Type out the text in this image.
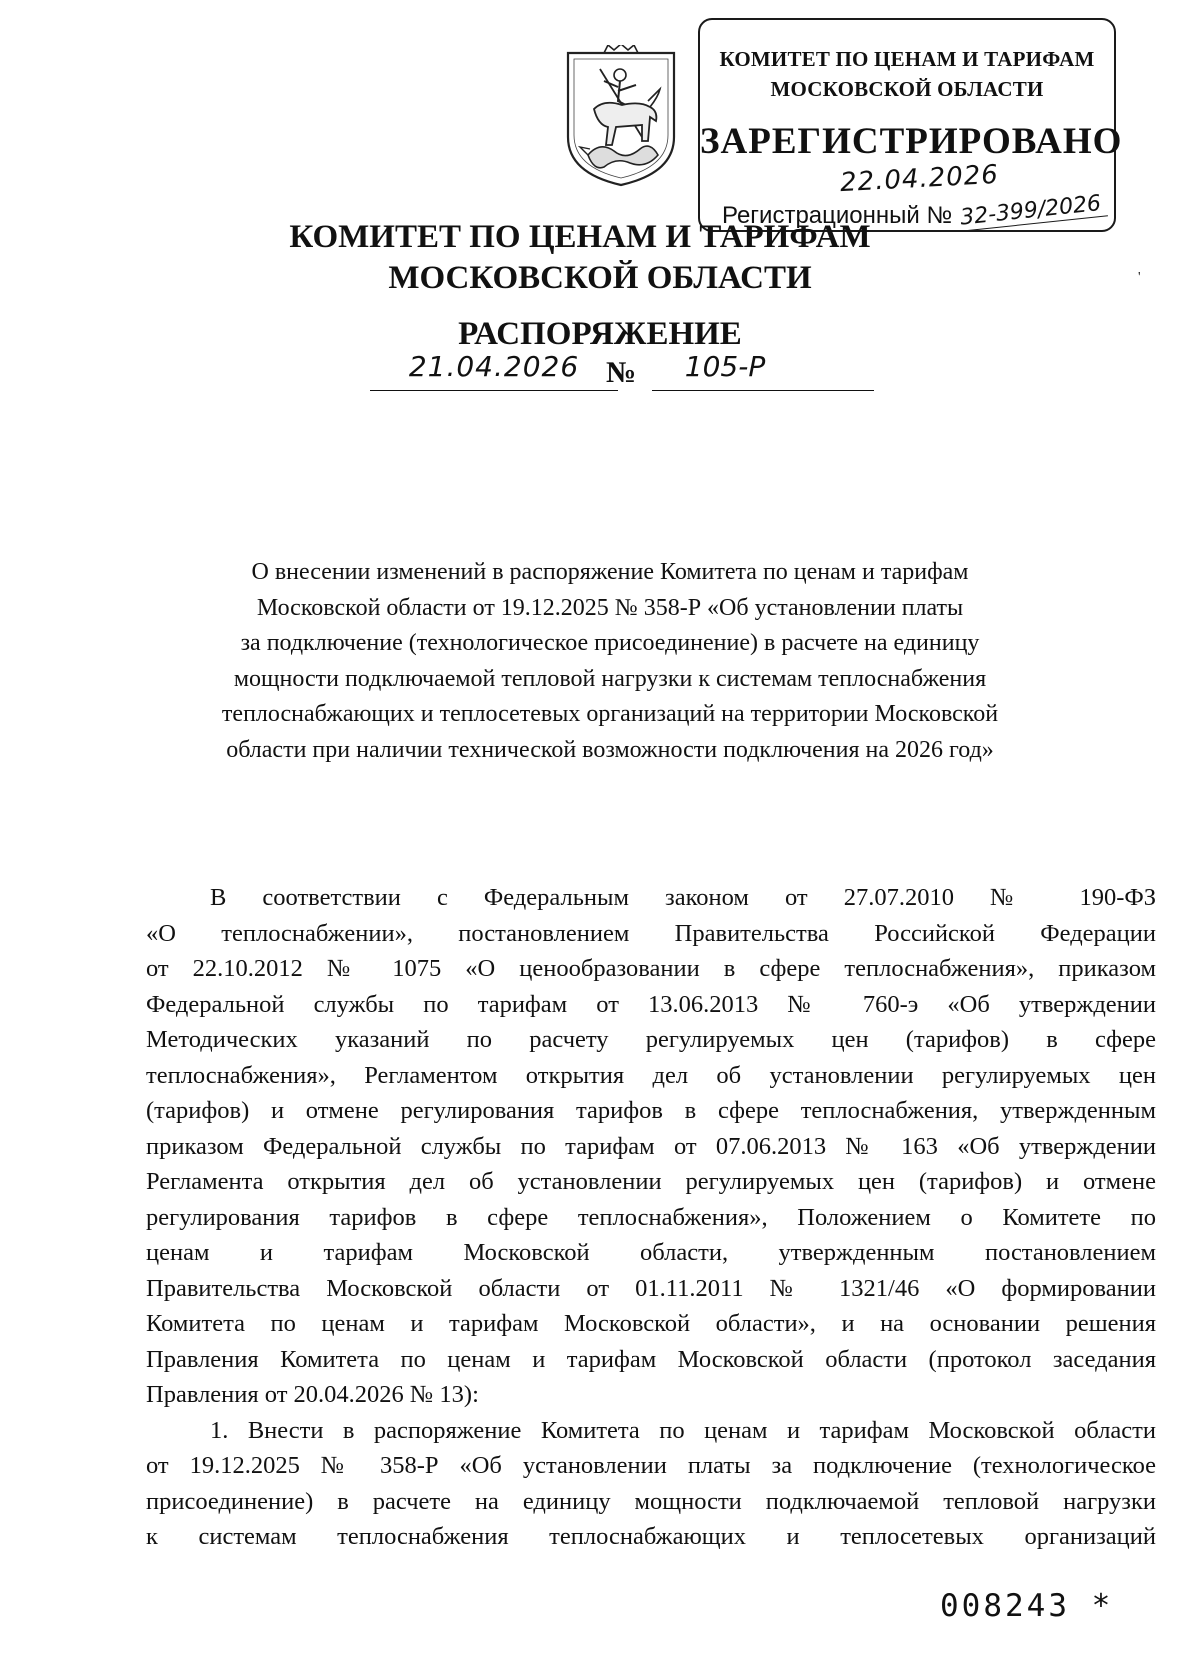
КОМИТЕТ ПО ЦЕНАМ И ТАРИФАМ
МОСКОВСКОЙ ОБЛАСТИ
ЗАРЕГИСТРИРОВАНО
22.04.2026
Регистрационный № 32-399/2026
КОМИТЕТ ПО ЦЕНАМ И ТАРИФАМ
МОСКОВСКОЙ ОБЛАСТИ
РАСПОРЯЖЕНИЕ
21.04.2026 №	105-Р
'
О внесении изменений в распоряжение Комитета по ценам и тарифам
Московской области от 19.12.2025 № 358-Р «Об установлении платы
за подключение (технологическое присоединение) в расчете на единицу
мощности подключаемой тепловой нагрузки к системам теплоснабжения
теплоснабжающих и теплосетевых организаций на территории Московской
области при наличии технической возможности подключения на 2026 год»
В соответствии с Федеральным законом от 27.07.2010 № 190-ФЗ
«О теплоснабжении», постановлением Правительства Российской Федерации
от 22.10.2012 № 1075 «О ценообразовании в сфере теплоснабжения», приказом
Федеральной службы по тарифам от 13.06.2013 № 760-э «Об утверждении
Методических указаний по расчету регулируемых цен (тарифов) в сфере
теплоснабжения», Регламентом открытия дел об установлении регулируемых цен
(тарифов) и отмене регулирования тарифов в сфере теплоснабжения, утвержденным
приказом Федеральной службы по тарифам от 07.06.2013 № 163 «Об утверждении
Регламента открытия дел об установлении регулируемых цен (тарифов) и отмене
регулирования тарифов в сфере теплоснабжения», Положением о Комитете по
ценам и тарифам Московской области, утвержденным постановлением
Правительства Московской области от 01.11.2011 № 1321/46 «О формировании
Комитета по ценам и тарифам Московской области», и на основании решения
Правления Комитета по ценам и тарифам Московской области (протокол заседания
Правления от 20.04.2026 № 13):
1. Внести в распоряжение Комитета по ценам и тарифам Московской области
от 19.12.2025 № 358-Р «Об установлении платы за подключение (технологическое
присоединение) в расчете на единицу мощности подключаемой тепловой нагрузки
к системам теплоснабжения теплоснабжающих и теплосетевых организаций
008243 *
